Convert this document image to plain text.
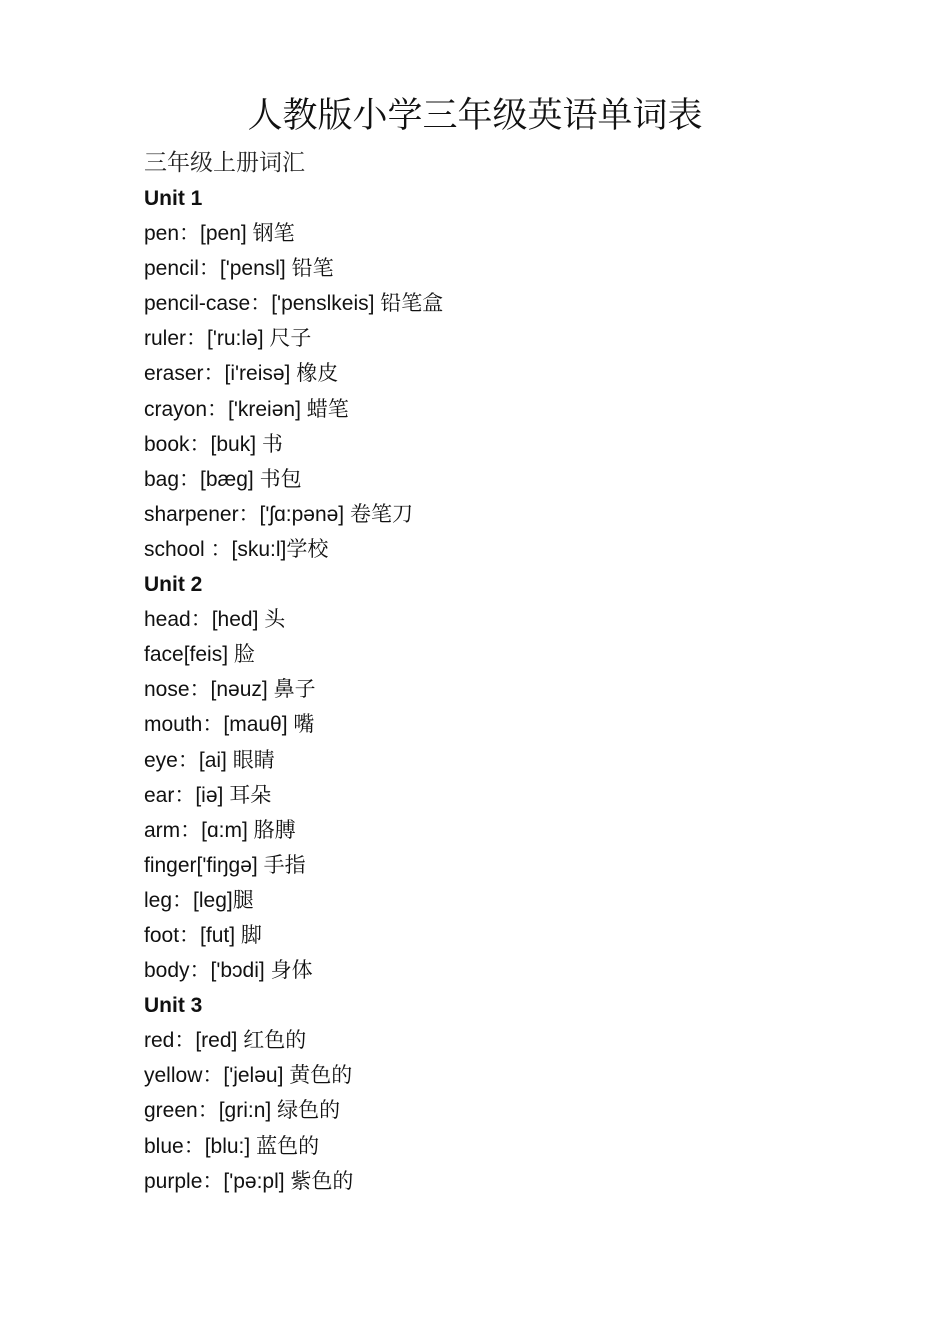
人教版小学三年级英语单词表
三年级上册词汇
Unit 1
pen：[pen] 钢笔
pencil：['pensl] 铅笔
pencil-case：['penslkeis] 铅笔盒
ruler：['ru:lə] 尺子
eraser：[i'reisə] 橡皮
crayon：['kreiən] 蜡笔
book：[buk] 书
bag：[bæg] 书包
sharpener：['ʃɑ:pənə] 卷笔刀
school ：[sku:l]学校
Unit 2
head：[hed] 头
face[feis] 脸
nose：[nəuz] 鼻子
mouth：[mauθ] 嘴
eye：[ai] 眼睛
ear：[iə] 耳朵
arm：[ɑ:m] 胳膊
finger['fiŋgə] 手指
leg：[leg]腿
foot：[fut] 脚
body：['bɔdi] 身体
Unit 3
red：[red] 红色的
yellow：['jeləu] 黄色的
green：[gri:n] 绿色的
blue：[blu:] 蓝色的
purple：['pə:pl] 紫色的
